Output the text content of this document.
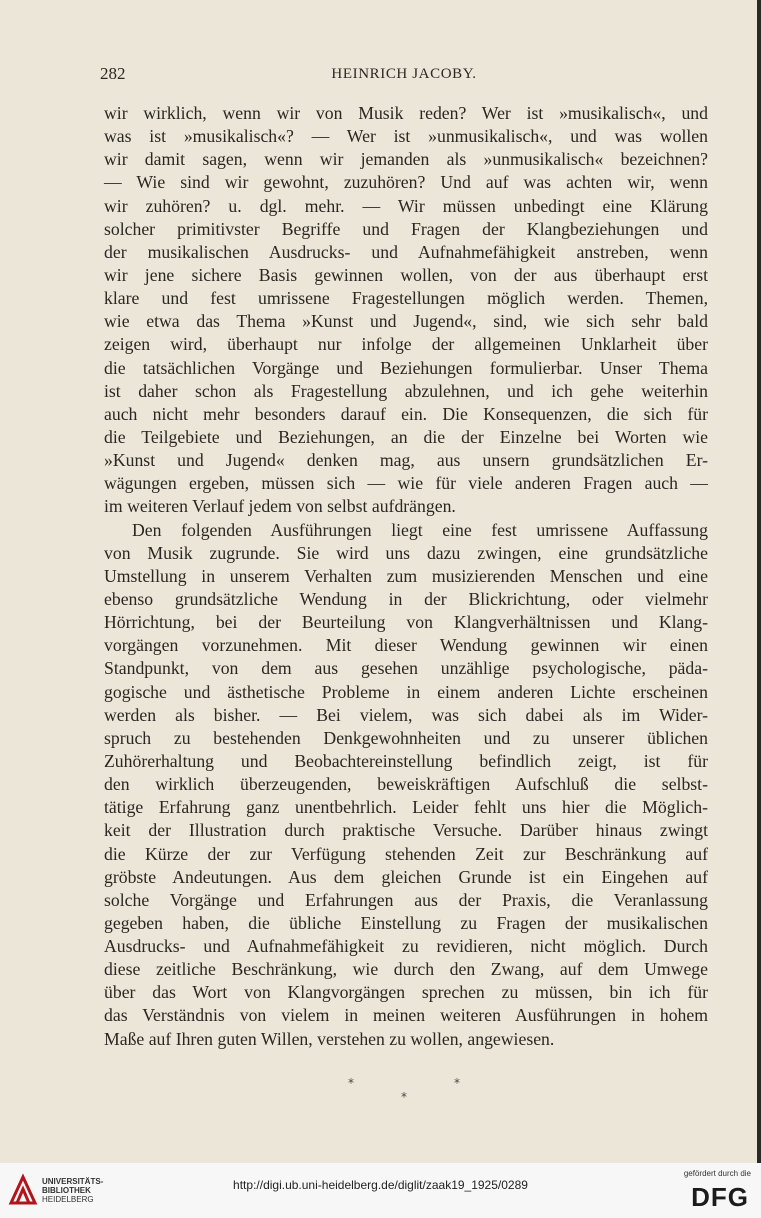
282	HEINRICH JACOBY.
wir wirklich, wenn wir von Musik reden? Wer ist »musikalisch«, und
was ist »musikalisch«? — Wer ist »unmusikalisch«, und was wollen
wir damit sagen, wenn wir jemanden als »unmusikalisch« bezeichnen?
— Wie sind wir gewohnt, zuzuhören? Und auf was achten wir, wenn
wir zuhören? u. dgl. mehr. — Wir müssen unbedingt eine Klärung
solcher primitivster Begriffe und Fragen der Klangbeziehungen und
der musikalischen Ausdrucks- und Aufnahmefähigkeit anstreben, wenn
wir jene sichere Basis gewinnen wollen, von der aus überhaupt erst
klare und fest umrissene Fragestellungen möglich werden. Themen,
wie etwa das Thema »Kunst und Jugend«, sind, wie sich sehr bald
zeigen wird, überhaupt nur infolge der allgemeinen Unklarheit über
die tatsächlichen Vorgänge und Beziehungen formulierbar. Unser Thema
ist daher schon als Fragestellung abzulehnen, und ich gehe weiterhin
auch nicht mehr besonders darauf ein. Die Konsequenzen, die sich für
die Teilgebiete und Beziehungen, an die der Einzelne bei Worten wie
»Kunst und Jugend« denken mag, aus unsern grundsätzlichen Er-
wägungen ergeben, müssen sich — wie für viele anderen Fragen auch —
im weiteren Verlauf jedem von selbst aufdrängen.
Den folgenden Ausführungen liegt eine fest umrissene Auffassung
von Musik zugrunde. Sie wird uns dazu zwingen, eine grundsätzliche
Umstellung in unserem Verhalten zum musizierenden Menschen und eine
ebenso grundsätzliche Wendung in der Blickrichtung, oder vielmehr
Hörrichtung, bei der Beurteilung von Klangverhältnissen und Klang-
vorgängen vorzunehmen. Mit dieser Wendung gewinnen wir einen
Standpunkt, von dem aus gesehen unzählige psychologische, päda-
gogische und ästhetische Probleme in einem anderen Lichte erscheinen
werden als bisher. — Bei vielem, was sich dabei als im Wider-
spruch zu bestehenden Denkgewohnheiten und zu unserer üblichen
Zuhörerhaltung und Beobachtereinstellung befindlich zeigt, ist für
den wirklich überzeugenden, beweiskräftigen Aufschluß die selbst-
tätige Erfahrung ganz unentbehrlich. Leider fehlt uns hier die Möglich-
keit der Illustration durch praktische Versuche. Darüber hinaus zwingt
die Kürze der zur Verfügung stehenden Zeit zur Beschränkung auf
gröbste Andeutungen. Aus dem gleichen Grunde ist ein Eingehen auf
solche Vorgänge und Erfahrungen aus der Praxis, die Veranlassung
gegeben haben, die übliche Einstellung zu Fragen der musikalischen
Ausdrucks- und Aufnahmefähigkeit zu revidieren, nicht möglich. Durch
diese zeitliche Beschränkung, wie durch den Zwang, auf dem Umwege
über das Wort von Klangvorgängen sprechen zu müssen, bin ich für
das Verständnis von vielem in meinen weiteren Ausführungen in hohem
Maße auf Ihren guten Willen, verstehen zu wollen, angewiesen.
*	*
*
UNIVERSITÄTS-
BIBLIOTHEK
HEIDELBERG
http://digi.ub.uni-heidelberg.de/diglit/zaak19_1925/0289
gefördert durch die
DFG
